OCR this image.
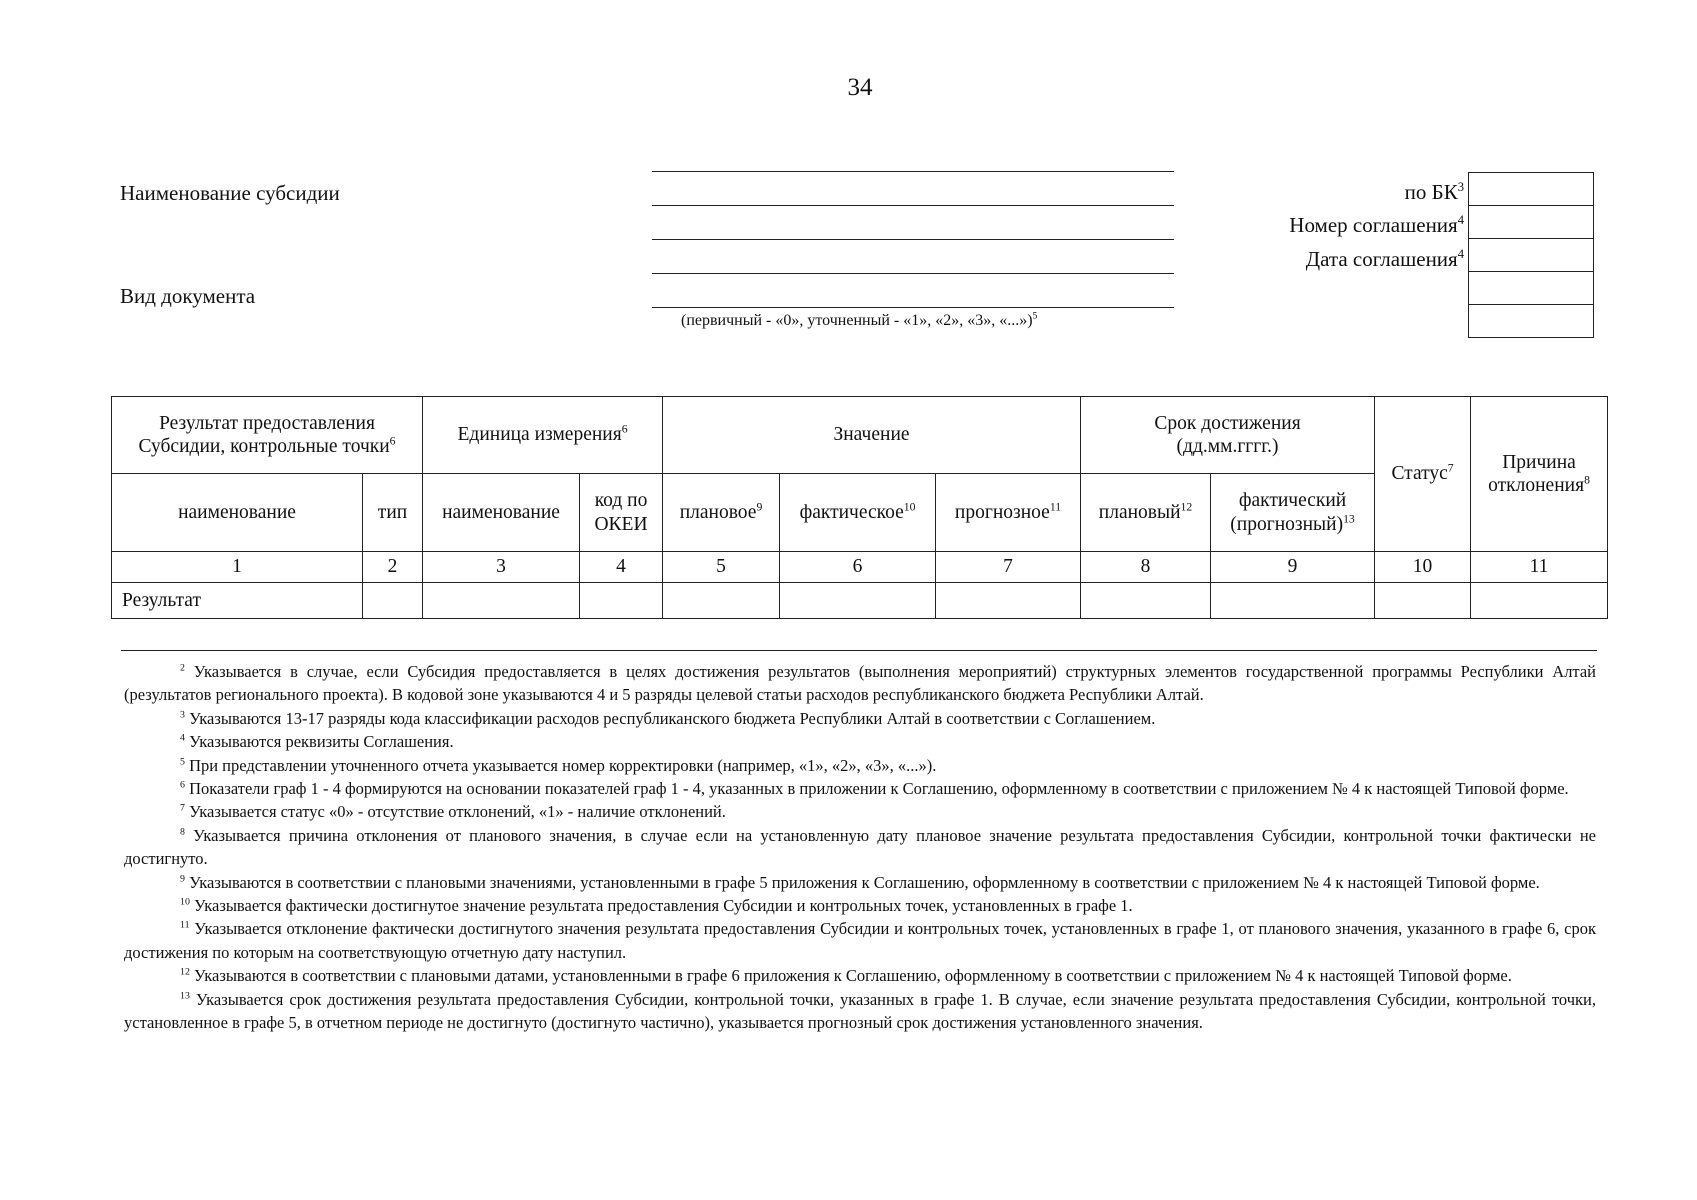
34
Наименование субсидии
Вид документа
(первичный - «0», уточненный - «1», «2», «3», «...»)$^5$
по $БК^3$
Номер соглашения$^4$
Дата соглашения$^4$
Результат предоставления Субсидии, контрольные точки$^6$		Единица измерения$^6$		Значение			Срок достижения (дд.мм.гггг.)		Статус$^7$	Причина отклонения$^8$
наименование	тип	наименование	код по ОКЕИ	плановое$^9$	фактическое$^{10}$	прогнозное$^{11}$	плановый$^{12}$	фактический (прогнозный)$^{13}$
1	2	3	4	5	6	7	8	9	10	11
Результат										

$^2$ Указывается в случае, если Субсидия предоставляется в целях достижения результатов (выполнения мероприятий) структурных элементов государственной программы Республики Алтай (результатов регионального проекта). В кодовой зоне указываются 4 и 5 разряды целевой статьи расходов республиканского бюджета Республики Алтай.

$^3$ Указываются 13-17 разряды кода классификации расходов республиканского бюджета Республики Алтай в соответствии с Соглашением.

$^4$ Указываются реквизиты Соглашения.

$^5$ При представлении уточненного отчета указывается номер корректировки (например, «1», «2», «3», «...»).

$^6$ Показатели граф 1 - 4 формируются на основании показателей граф 1 - 4, указанных в приложении к Соглашению, оформленному в соответствии с приложением № 4 к настоящей Типовой форме.

$^7$ Указывается статус «0» - отсутствие отклонений, «1» - наличие отклонений.

$^8$ Указывается причина отклонения от планового значения, в случае если на установленную дату плановое значение результата предоставления Субсидии, контрольной точки фактически не достигнуто.

$^9$ Указываются в соответствии с плановыми значениями, установленными в графе 5 приложения к Соглашению, оформленному в соответствии с приложением № 4 к настоящей Типовой форме.

$^{10}$ Указывается фактически достигнутое значение результата предоставления Субсидии и контрольных точек, установленных в графе 1.

$^{11}$ Указывается отклонение фактически достигнутого значения результата предоставления Субсидии и контрольных точек, установленных в графе 1, от планового значения, указанного в графе 6, срок достижения по которым на соответствующую отчетную дату наступил.

$^{12}$ Указываются в соответствии с плановыми датами, установленными в графе 6 приложения к Соглашению, оформленному в соответствии с приложением № 4 к настоящей Типовой форме.

$^{13}$ Указывается срок достижения результата предоставления Субсидии, контрольной точки, указанных в графе 1. В случае, если значение результата предоставления Субсидии, контрольной точки, установленное в графе 5, в отчетном периоде не достигнуто (достигнуто частично), указывается прогнозный срок достижения установленного значения.
